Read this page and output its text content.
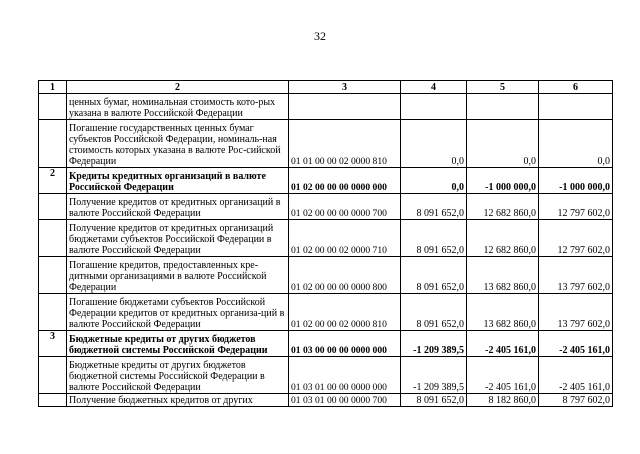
32
1	2	3	4	5	6
	ценных бумаг, номинальная стоимость кото-рых указана в валюте Российской Федерации				
	Погашение государственных ценных бумаг субъектов Российской Федерации, номиналь-ная стоимость которых указана в валюте Рос-сийской Федерации	01 01 00 00 02 0000 810	0,0	0,0	0,0
2	Кредиты кредитных организаций в валюте Российской Федерации	01 02 00 00 00 0000 000	0,0	-1 000 000,0	-1 000 000,0
	Получение кредитов от кредитных организаций в валюте Российской Федерации	01 02 00 00 00 0000 700	8 091 652,0	12 682 860,0	12 797 602,0
	Получение кредитов от кредитных организаций бюджетами субъектов Российской Федерации в валюте Российской Федерации	01 02 00 00 02 0000 710	8 091 652,0	12 682 860,0	12 797 602,0
	Погашение кредитов, предоставленных кре-дитными организациями в валюте Российской Федерации	01 02 00 00 00 0000 800	8 091 652,0	13 682 860,0	13 797 602,0
	Погашение бюджетами субъектов Российской Федерации кредитов от кредитных организа-ций в валюте Российской Федерации	01 02 00 00 02 0000 810	8 091 652,0	13 682 860,0	13 797 602,0
3	Бюджетные кредиты от других бюджетов бюджетной системы Российской Федерации	01 03 00 00 00 0000 000	-1 209 389,5	-2 405 161,0	-2 405 161,0
	Бюджетные кредиты от других бюджетов бюджетной системы Российской Федерации в валюте Российской Федерации	01 03 01 00 00 0000 000	-1 209 389,5	-2 405 161,0	-2 405 161,0
	Получение бюджетных кредитов от других	01 03 01 00 00 0000 700	8 091 652,0	8 182 860,0	8 797 602,0
